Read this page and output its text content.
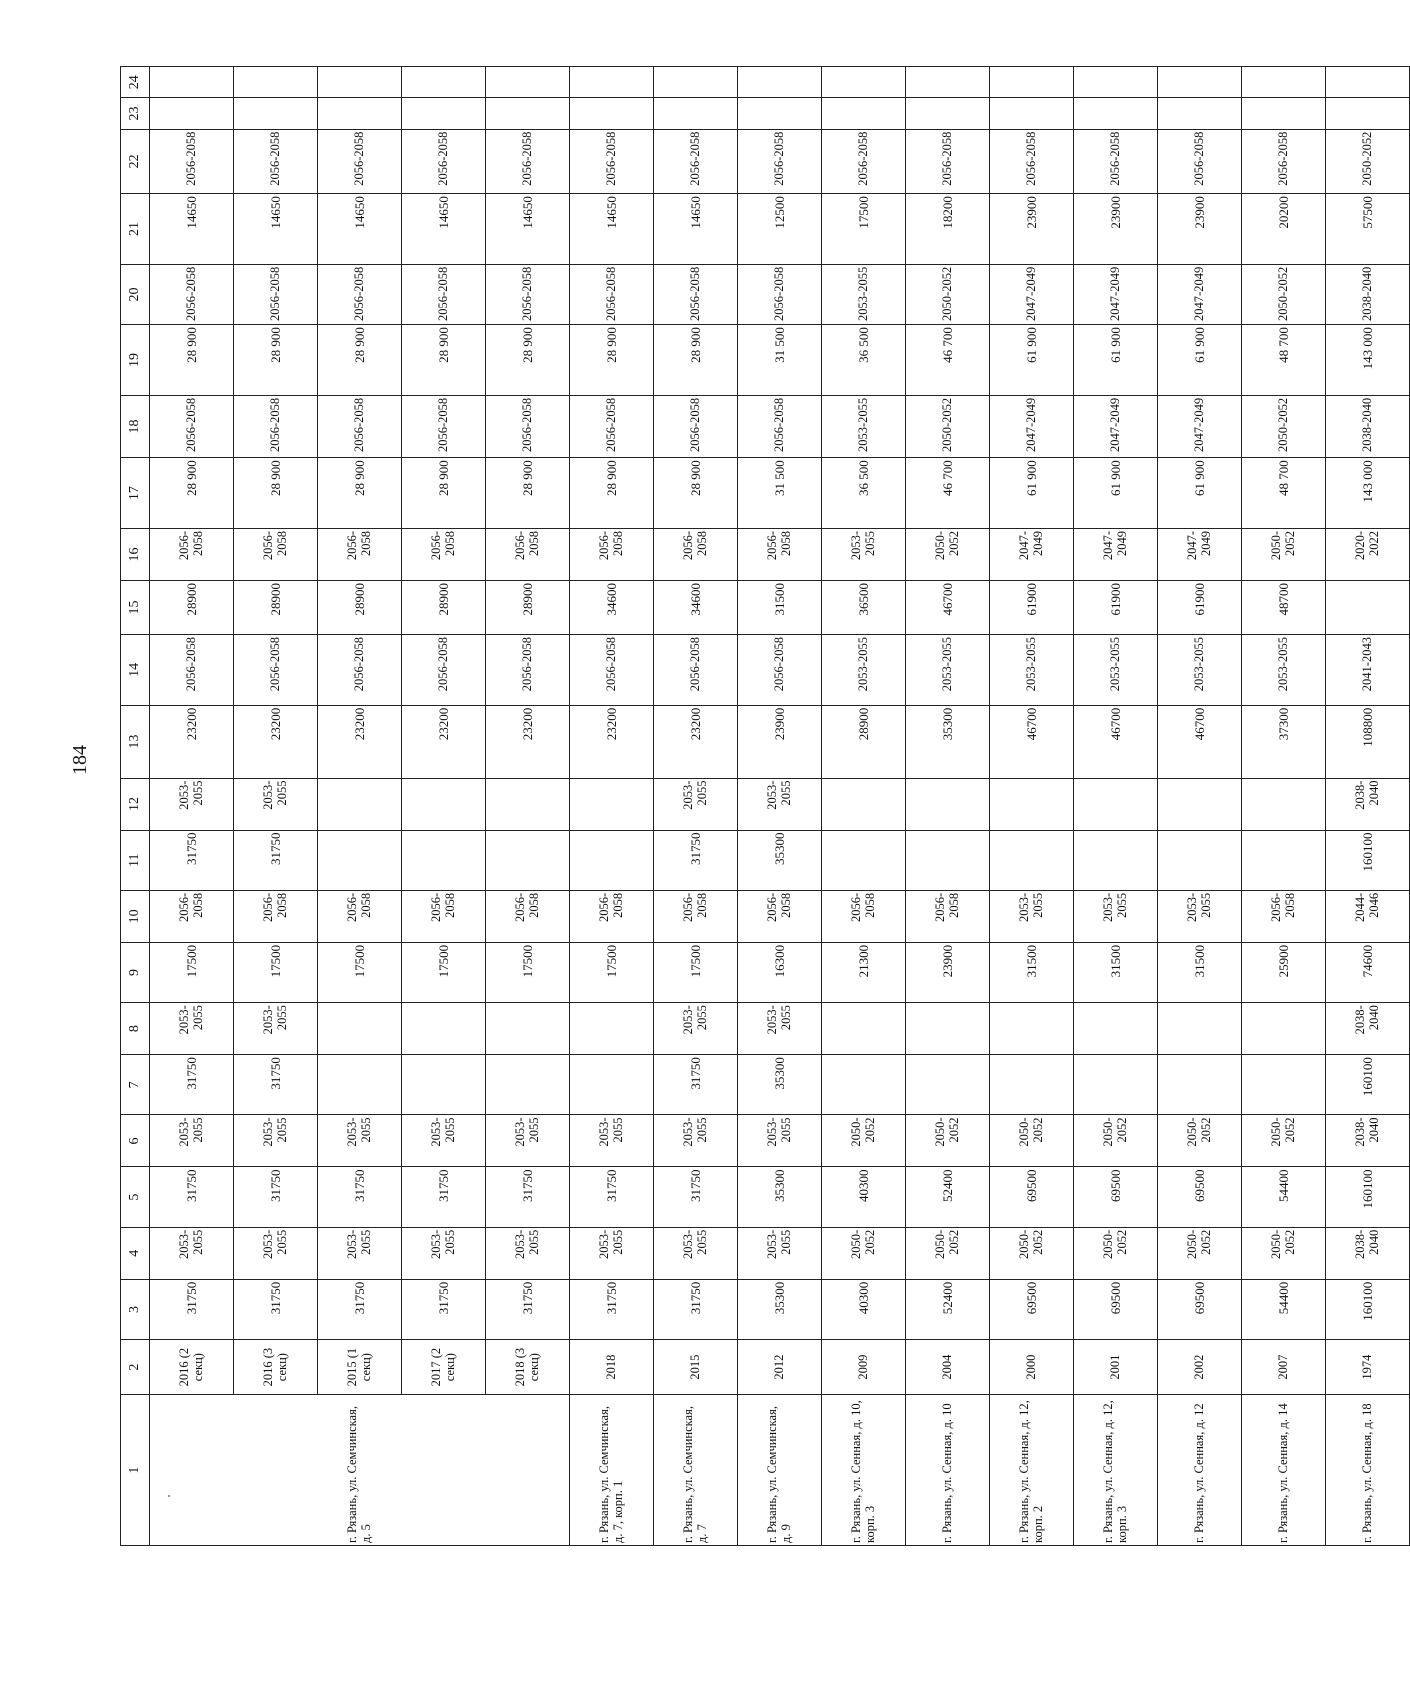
184
1	2	3	4	5	6	7	8	9	10	11	12	13	14	15	16	17	18	19	20	21	22	23	24
г. Рязань, ул. Семчинская, д. 5	2016 (2 секц)	31750	2053-2055	31750	2053-2055	31750	2053-2055	17500	2056-2058	31750	2053-2055	23200	2056-2058	28900	2056-2058	28 900	2056-2058	28 900	2056-2058	14650	2056-2058		
	2016 (3 секц)	31750	2053-2055	31750	2053-2055	31750	2053-2055	17500	2056-2058	31750	2053-2055	23200	2056-2058	28900	2056-2058	28 900	2056-2058	28 900	2056-2058	14650	2056-2058		
	2015 (1 секц)	31750	2053-2055	31750	2053-2055			17500	2056-2058			23200	2056-2058	28900	2056-2058	28 900	2056-2058	28 900	2056-2058	14650	2056-2058		
	2017 (2 секц)	31750	2053-2055	31750	2053-2055			17500	2056-2058			23200	2056-2058	28900	2056-2058	28 900	2056-2058	28 900	2056-2058	14650	2056-2058		
	2018 (3 секц)	31750	2053-2055	31750	2053-2055			17500	2056-2058			23200	2056-2058	28900	2056-2058	28 900	2056-2058	28 900	2056-2058	14650	2056-2058		
г. Рязань, ул. Семчинская, д. 7, корп. 1	2018	31750	2053-2055	31750	2053-2055			17500	2056-2058			23200	2056-2058	34600	2056-2058	28 900	2056-2058	28 900	2056-2058	14650	2056-2058		
г. Рязань, ул. Семчинская, д. 7	2015	31750	2053-2055	31750	2053-2055	31750	2053-2055	17500	2056-2058	31750	2053-2055	23200	2056-2058	34600	2056-2058	28 900	2056-2058	28 900	2056-2058	14650	2056-2058		
г. Рязань, ул. Семчинская, д. 9	2012	35300	2053-2055	35300	2053-2055	35300	2053-2055	16300	2056-2058	35300	2053-2055	23900	2056-2058	31500	2056-2058	31 500	2056-2058	31 500	2056-2058	12500	2056-2058		
г. Рязань, ул. Сенная, д. 10, корп. 3	2009	40300	2050-2052	40300	2050-2052			21300	2056-2058			28900	2053-2055	36500	2053-2055	36 500	2053-2055	36 500	2053-2055	17500	2056-2058		
г. Рязань, ул. Сенная, д. 10	2004	52400	2050-2052	52400	2050-2052			23900	2056-2058			35300	2053-2055	46700	2050-2052	46 700	2050-2052	46 700	2050-2052	18200	2056-2058		
г. Рязань, ул. Сенная, д. 12, корп. 2	2000	69500	2050-2052	69500	2050-2052			31500	2053-2055			46700	2053-2055	61900	2047-2049	61 900	2047-2049	61 900	2047-2049	23900	2056-2058		
г. Рязань, ул. Сенная, д. 12, корп. 3	2001	69500	2050-2052	69500	2050-2052			31500	2053-2055			46700	2053-2055	61900	2047-2049	61 900	2047-2049	61 900	2047-2049	23900	2056-2058		
г. Рязань, ул. Сенная, д. 12	2002	69500	2050-2052	69500	2050-2052			31500	2053-2055			46700	2053-2055	61900	2047-2049	61 900	2047-2049	61 900	2047-2049	23900	2056-2058		
г. Рязань, ул. Сенная, д. 14	2007	54400	2050-2052	54400	2050-2052			25900	2056-2058			37300	2053-2055	48700	2050-2052	48 700	2050-2052	48 700	2050-2052	20200	2056-2058		
г. Рязань, ул. Сенная, д. 18	1974	160100	2038-2040	160100	2038-2040	160100	2038-2040	74600	2044-2046	160100	2038-2040	108800	2041-2043		2020-2022	143 000	2038-2040	143 000	2038-2040	57500	2050-2052		
